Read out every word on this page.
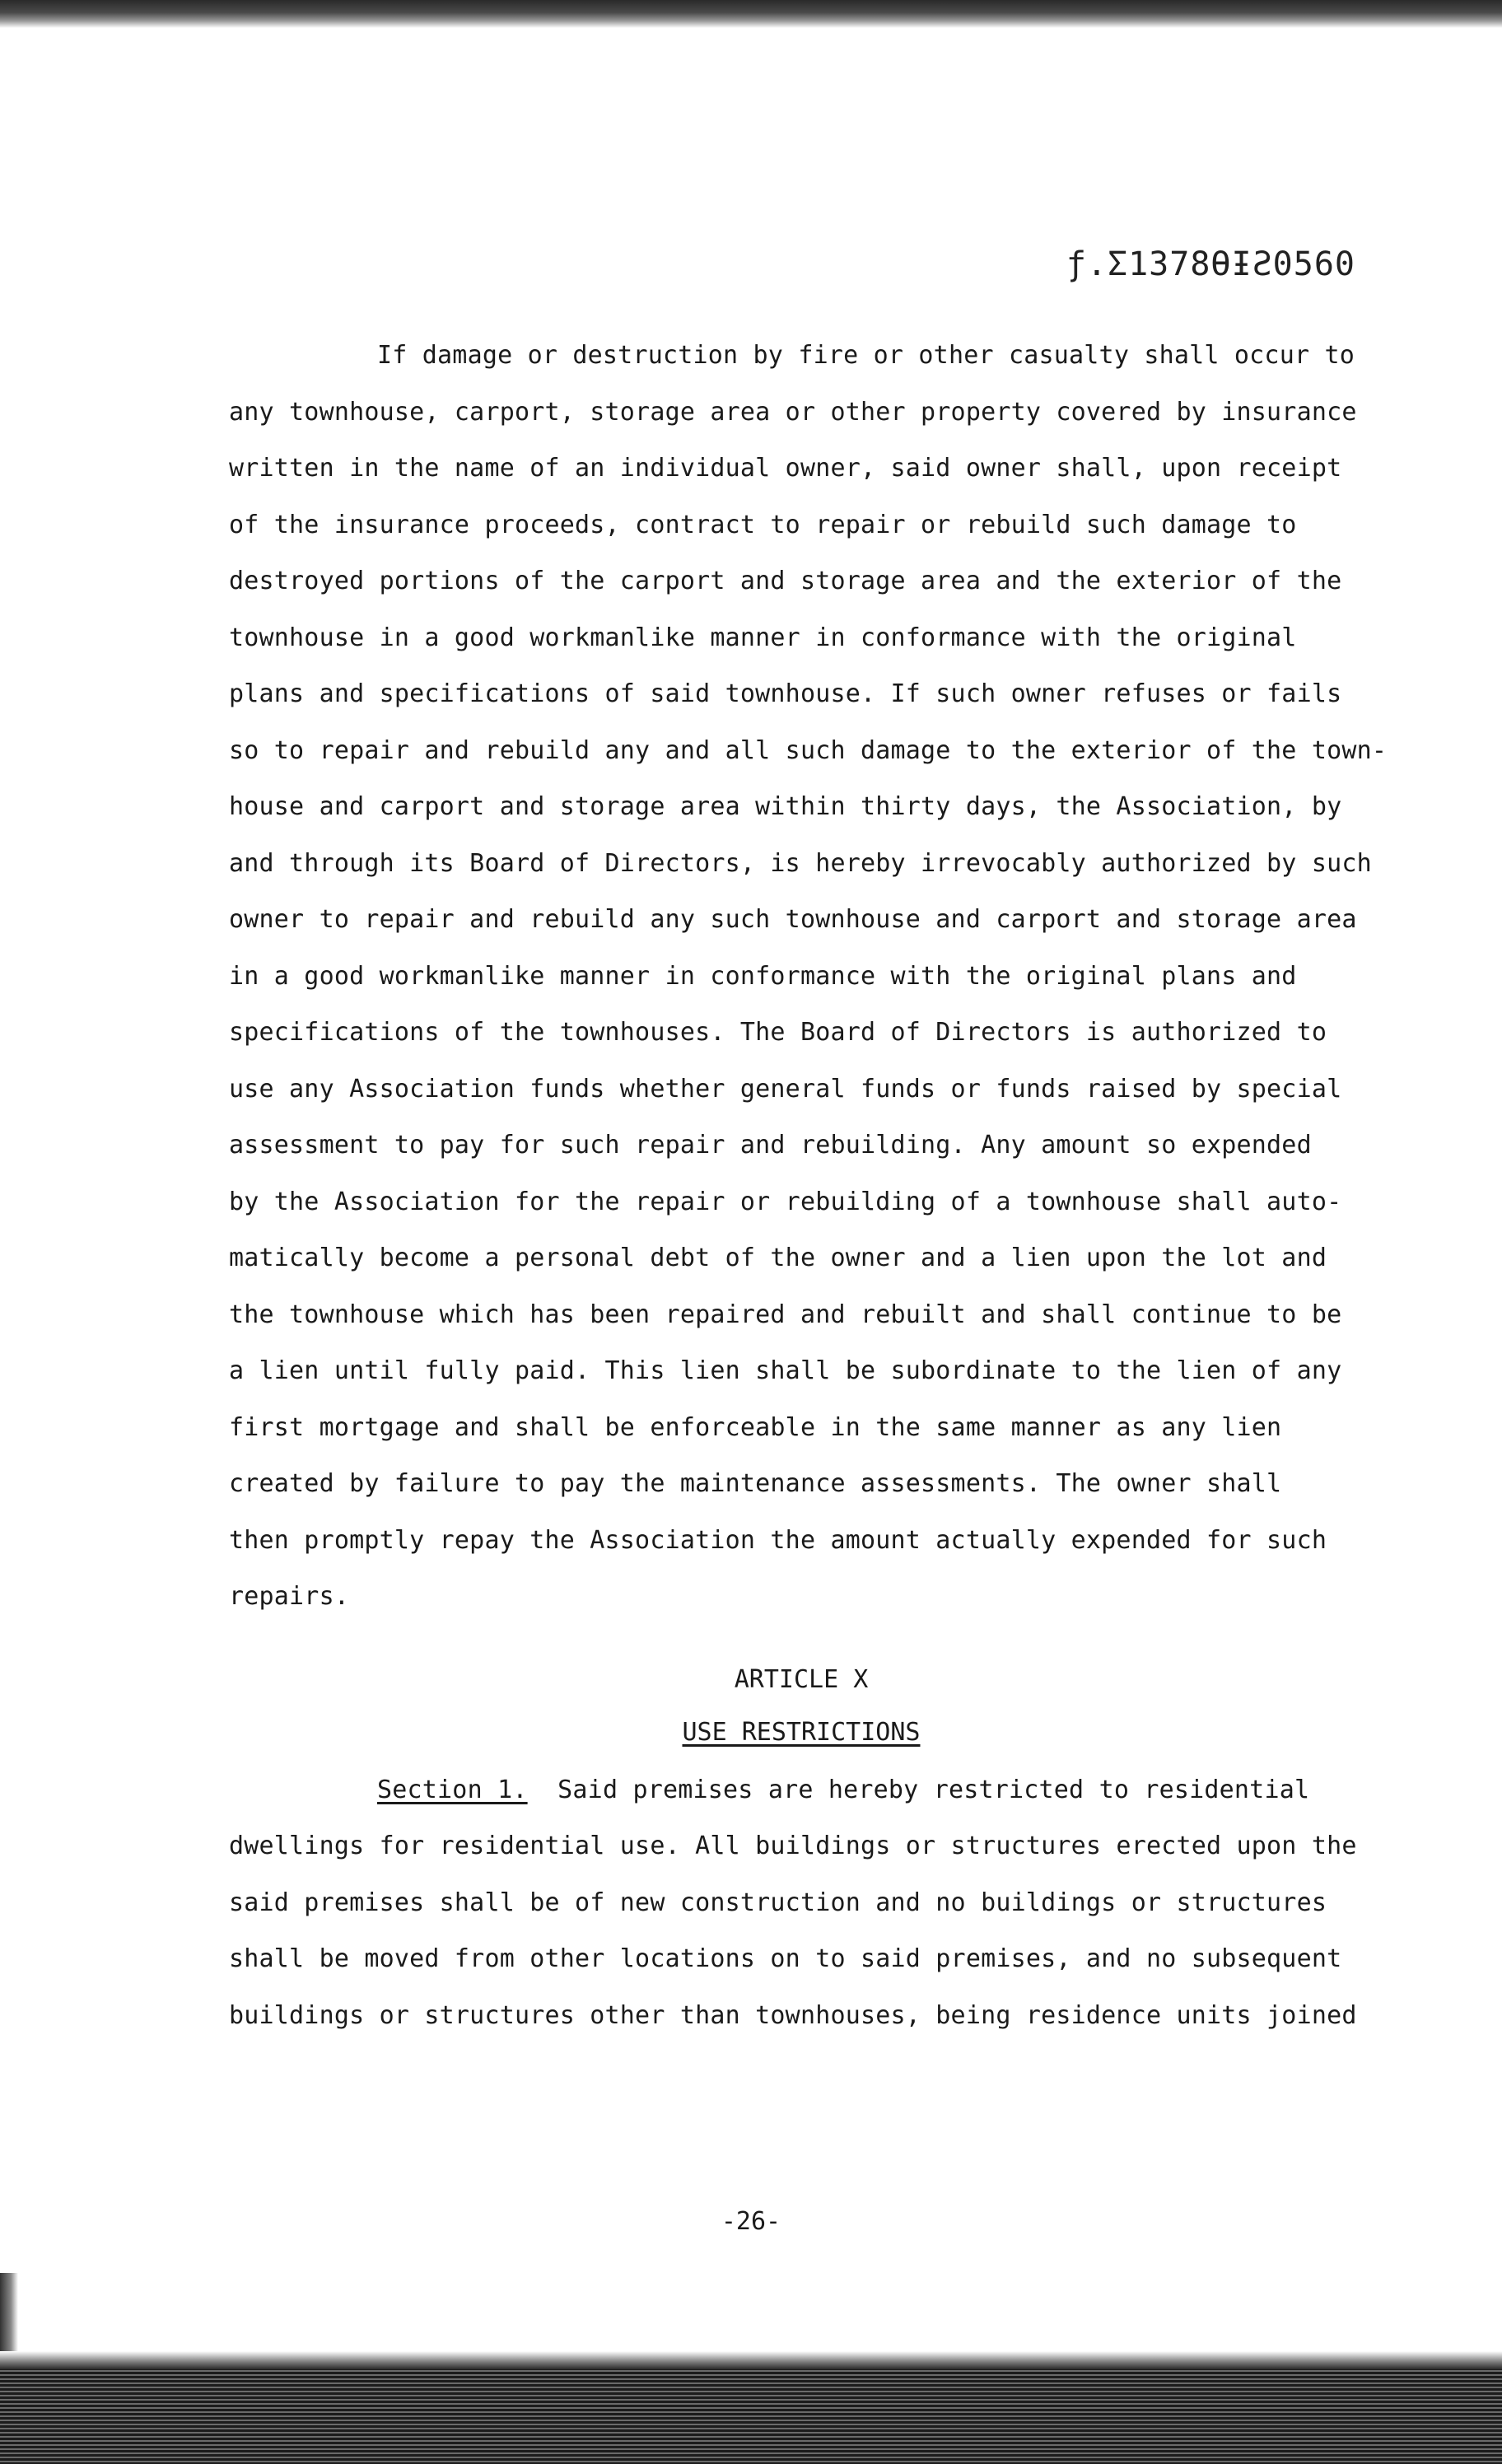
ƒ.Ʃ1378ƟƗƧ0560

If damage or destruction by fire or other casualty shall occur to
any townhouse, carport, storage area or other property covered by insurance
written in the name of an individual owner, said owner shall, upon receipt
of the insurance proceeds, contract to repair or rebuild such damage to
destroyed portions of the carport and storage area and the exterior of the
townhouse in a good workmanlike manner in conformance with the original
plans and specifications of said townhouse. If such owner refuses or fails
so to repair and rebuild any and all such damage to the exterior of the town-
house and carport and storage area within thirty days, the Association, by
and through its Board of Directors, is hereby irrevocably authorized by such
owner to repair and rebuild any such townhouse and carport and storage area
in a good workmanlike manner in conformance with the original plans and
specifications of the townhouses. The Board of Directors is authorized to
use any Association funds whether general funds or funds raised by special
assessment to pay for such repair and rebuilding. Any amount so expended
by the Association for the repair or rebuilding of a townhouse shall auto-
matically become a personal debt of the owner and a lien upon the lot and
the townhouse which has been repaired and rebuilt and shall continue to be
a lien until fully paid. This lien shall be subordinate to the lien of any
first mortgage and shall be enforceable in the same manner as any lien
created by failure to pay the maintenance assessments. The owner shall
then promptly repay the Association the amount actually expended for such
repairs.

ARTICLE X

USE RESTRICTIONS

Section 1. Said premises are hereby restricted to residential
dwellings for residential use. All buildings or structures erected upon the
said premises shall be of new construction and no buildings or structures
shall be moved from other locations on to said premises, and no subsequent
buildings or structures other than townhouses, being residence units joined

-26-
